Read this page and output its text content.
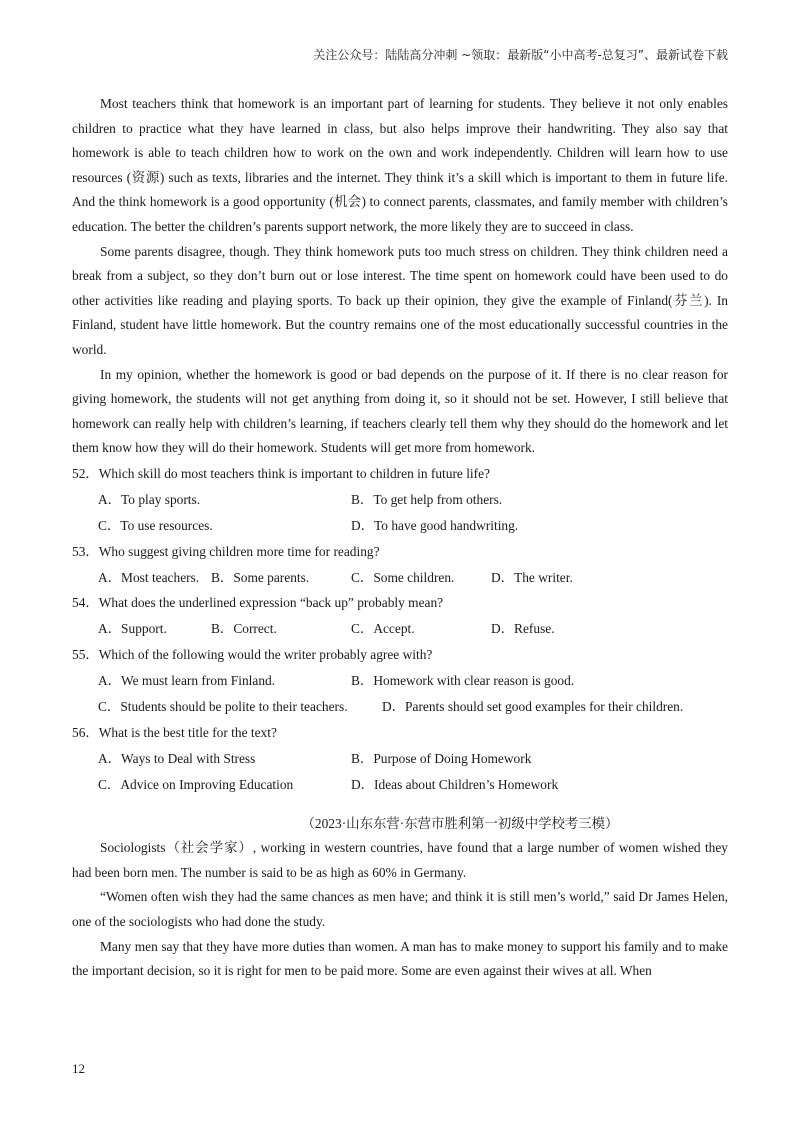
关注公众号：陆陆高分冲刺 ~领取：最新版“小中高考-总复习”、最新试卷下载

Most teachers think that homework is an important part of learning for students. They believe it not only enables children to practice what they have learned in class, but also helps improve their handwriting. They also say that homework is able to teach children how to work on the own and work independently. Children will learn how to use resources (资源) such as texts, libraries and the internet. They think it’s a skill which is important to them in future life. And the think homework is a good opportunity (机会) to connect parents, classmates, and family member with children’s education. The better the children’s parents support network, the more likely they are to succeed in class.

Some parents disagree, though. They think homework puts too much stress on children. They think children need a break from a subject, so they don’t burn out or lose interest. The time spent on homework could have been used to do other activities like reading and playing sports. To back up their opinion, they give the example of Finland(芬兰). In Finland, student have little homework. But the country remains one of the most educationally successful countries in the world.

In my opinion, whether the homework is good or bad depends on the purpose of it. If there is no clear reason for giving homework, the students will not get anything from doing it, so it should not be set. However, I still believe that homework can really help with children’s learning, if teachers clearly tell them why they should do the homework and let them know how they will do their homework. Students will get more from homework.

52．Which skill do most teachers think is important to children in future life?

A．To play sports.	B．To get help from others.
C．To use resources.	D．To have good handwriting.

53．Who suggest giving children more time for reading?

A．Most teachers. B．Some parents.	C．Some children.	D．The writer.

54．What does the underlined expression “back up” probably mean?

A．Support.	B．Correct.	C．Accept.	D．Refuse.

55．Which of the following would the writer probably agree with?

A．We must learn from Finland.	B．Homework with clear reason is good.
C．Students should be polite to their teachers.	D．Parents should set good examples for their children.

56．What is the best title for the text?

A．Ways to Deal with Stress	B．Purpose of Doing Homework
C．Advice on Improving Education	D．Ideas about Children’s Homework
（2023·山东东营·东营市胜利第一初级中学校考三模）

Sociologists（社会学家）, working in western countries, have found that a large number of women wished they had been born men. The number is said to be as high as 60% in Germany.

“Women often wish they had the same chances as men have; and think it is still men’s world,” said Dr James Helen, one of the sociologists who had done the study.

Many men say that they have more duties than women. A man has to make money to support his family and to make the important decision, so it is right for men to be paid more. Some are even against their wives at all. When

12
